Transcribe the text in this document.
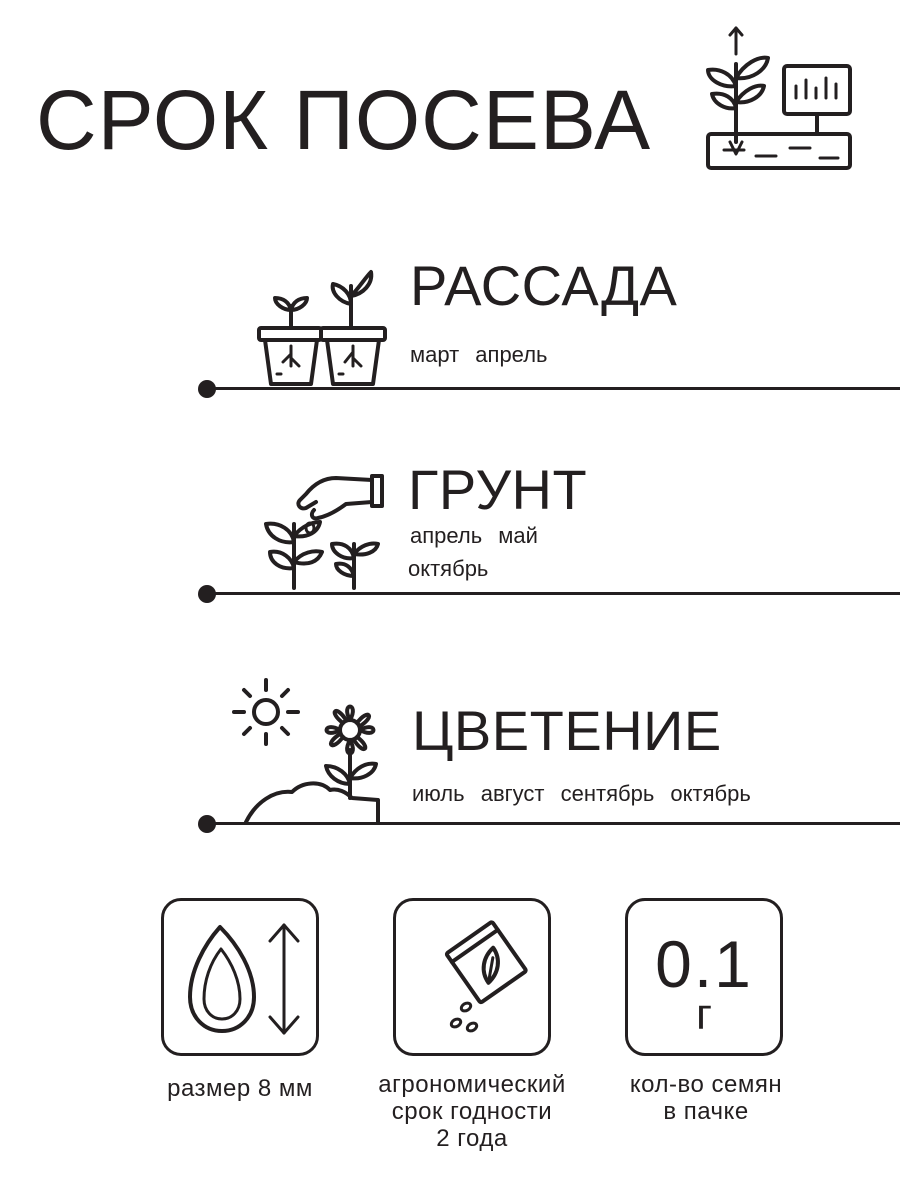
СРОК ПОСЕВА
РАССАДА
март апрель
ГРУНТ
апрель май
октябрь
ЦВЕТЕНИЕ
июль август сентябрь октябрь
0.1
г
размер 8 мм	агрономический
срок годности
2 года
кол-во семян
в пачке
